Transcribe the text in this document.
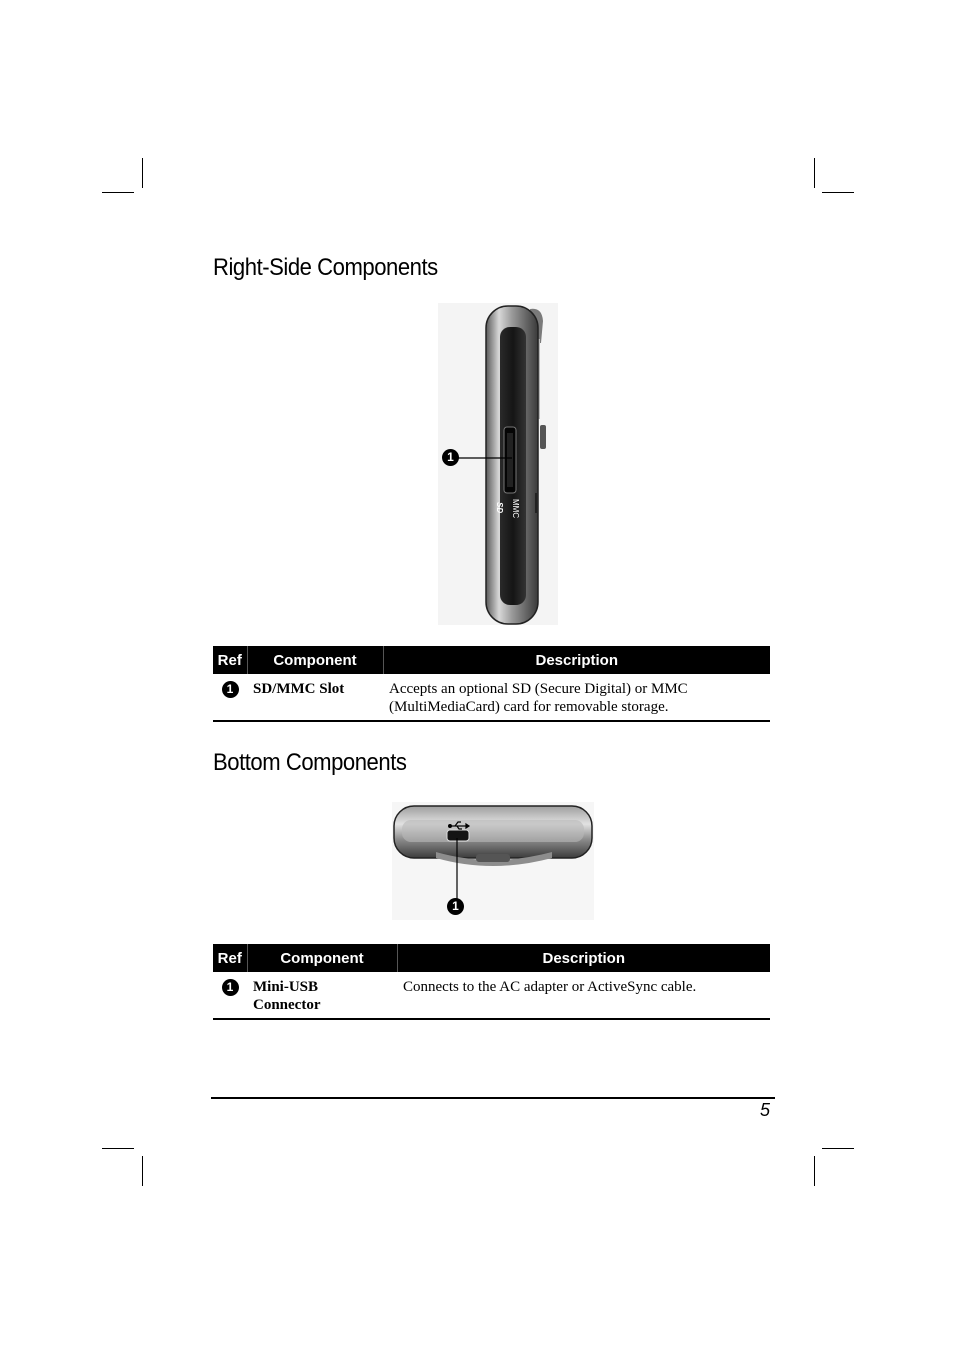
Right-Side Components
SD MMC
1
Ref	Component	Description
1	SD/MMC Slot	Accepts an optional SD (Secure Digital) or MMC
(MultiMediaCard) card for removable storage.
Bottom Components
1
Ref	Component	Description
1	Mini-USB
Connector	Connects to the AC adapter or ActiveSync cable.
5
